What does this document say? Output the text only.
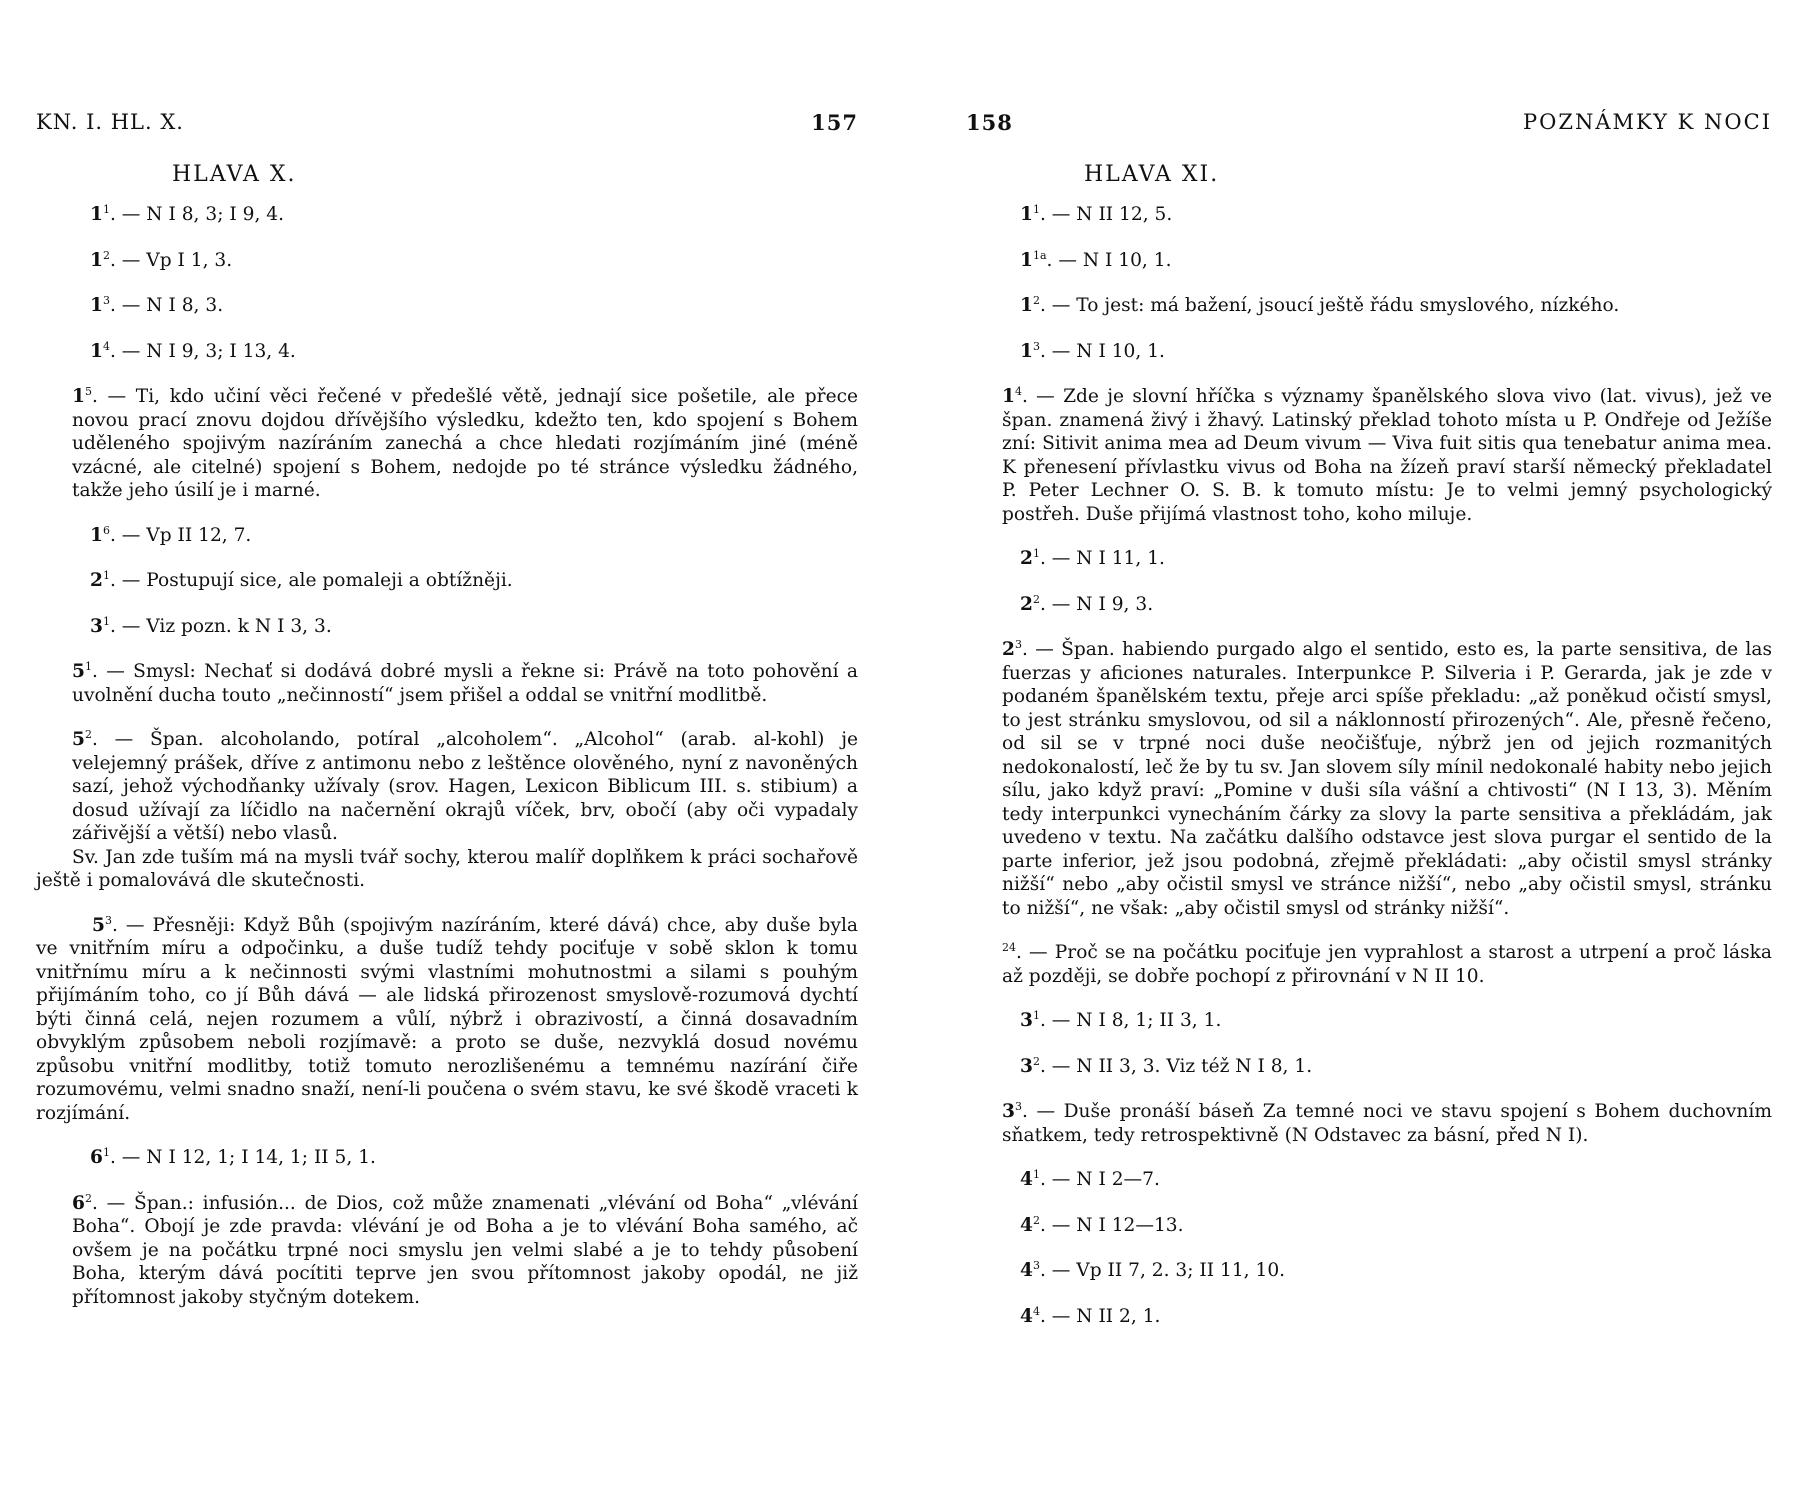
KN. I. HL. X.	157
HLAVA X.

$1^1$. — N I 8, 3; I 9, 4.

$1^2$. — Vp I 1, 3.

$1^3$. — N I 8, 3.

$1^4$. — N I 9, 3; I 13, 4.

$1^5$. — Ti, kdo učiní věci řečené v předešlé větě, jednají sice pošetile, ale přece novou prací znovu dojdou dřívějšího výsledku, kdežto ten, kdo spojení s Bohem uděleného spojivým nazíráním zanechá a chce hledati rozjímáním jiné (méně vzácné, ale citelné) spojení s Bohem, nedojde po té stránce výsledku žádného, takže jeho úsilí je i marné.

$1^6$. — Vp II 12, 7.

$2^1$. — Postupují sice, ale pomaleji a obtížněji.

$3^1$. — Viz pozn. k N I 3, 3.

$5^1$. — Smysl: Nechať si dodává dobré mysli a řekne si: Právě na toto pohovění a uvolnění ducha touto „nečinností“ jsem přišel a oddal se vnitřní modlitbě.

$5^2$. — Špan. alcoholando, potíral „alcoholem“. „Alcohol“ (arab. al-kohl) je velejemný prášek, dříve z antimonu nebo z leštěnce olověného, nyní z navoněných sazí, jehož východňanky užívaly (srov. Hagen, Lexicon Biblicum III. s. stibium) a dosud užívají za líčidlo na načernění okrajů víček, brv, obočí (aby oči vypadaly zářivější a větší) nebo vlasů.

Sv. Jan zde tuším má na mysli tvář sochy, kterou malíř doplňkem k práci sochařově ještě i pomalovává dle skutečnosti.

$5^3$. — Přesněji: Když Bůh (spojivým nazíráním, které dává) chce, aby duše byla ve vnitřním míru a odpočinku, a duše tudíž tehdy pociťuje v sobě sklon k tomu vnitřnímu míru a k nečinnosti svými vlastními mohutnostmi a silami s pouhým přijímáním toho, co jí Bůh dává — ale lidská přirozenost smyslově-rozumová dychtí býti činná celá, nejen rozumem a vůlí, nýbrž i obrazivostí, a činná dosavadním obvyklým způsobem neboli rozjímavě: a proto se duše, nezvyklá dosud novému způsobu vnitřní modlitby, totiž tomuto nerozlišenému a temnému nazírání čiře rozumovému, velmi snadno snaží, není-li poučena o svém stavu, ke své škodě vraceti k rozjímání.

$6^1$. — N I 12, 1; I 14, 1; II 5, 1.

$6^2$. — Špan.: infusión... de Dios, což může znamenati „vlévání od Boha“ „vlévání Boha“. Obojí je zde pravda: vlévání je od Boha a je to vlévání Boha samého, ač ovšem je na počátku trpné noci smyslu jen velmi slabé a je to tehdy působení Boha, kterým dává pocítiti teprve jen svou přítomnost jakoby opodál, ne již přítomnost jakoby styčným dotekem.

158	POZNÁMKY K NOCI
HLAVA XI.

$1^1$. — N II 12, 5.

$1^{1a}$. — N I 10, 1.

$1^2$. — To jest: má bažení, jsoucí ještě řádu smyslového, nízkého.

$1^3$. — N I 10, 1.

$1^4$. — Zde je slovní hříčka s významy španělského slova vivo (lat. vivus), jež ve špan. znamená živý i žhavý. Latinský překlad tohoto místa u P. Ondřeje od Ježíše zní: Sitivit anima mea ad Deum vivum — Viva fuit sitis qua tenebatur anima mea. K přenesení přívlastku vivus od Boha na žízeň praví starší německý překladatel P. Peter Lechner O. S. B. k tomuto místu: Je to velmi jemný psychologický postřeh. Duše přijímá vlastnost toho, koho miluje.

$2^1$. — N I 11, 1.

$2^2$. — N I 9, 3.

$2^3$. — Špan. habiendo purgado algo el sentido, esto es, la parte sensitiva, de las fuerzas y aficiones naturales. Interpunkce P. Silveria i P. Gerarda, jak je zde v podaném španělském textu, přeje arci spíše překladu: „až poněkud očistí smysl, to jest stránku smyslovou, od sil a náklonností přirozených“. Ale, přesně řečeno, od sil se v trpné noci duše neočišťuje, nýbrž jen od jejich rozmanitých nedokonalostí, leč že by tu sv. Jan slovem síly mínil nedokonalé habity nebo jejich sílu, jako když praví: „Pomine v duši síla vášní a chtivosti“ (N I 13, 3). Měním tedy interpunkci vynecháním čárky za slovy la parte sensitiva a překládám, jak uvedeno v textu. Na začátku dalšího odstavce jest slova purgar el sentido de la parte inferior, jež jsou podobná, zřejmě překládati: „aby očistil smysl stránky nižší“ nebo „aby očistil smysl ve stránce nižší“, nebo „aby očistil smysl, stránku to nižší“, ne však: „aby očistil smysl od stránky nižší“.

$^{24}$. — Proč se na počátku pociťuje jen vyprahlost a starost a utrpení a proč láska až později, se dobře pochopí z přirovnání v N II 10.

$3^1$. — N I 8, 1; II 3, 1.

$3^2$. — N II 3, 3. Viz též N I 8, 1.

$3^3$. — Duše pronáší báseň Za temné noci ve stavu spojení s Bohem duchovním sňatkem, tedy retrospektivně (N Odstavec za básní, před N I).

$4^1$. — N I 2—7.

$4^2$. — N I 12—13.

$4^3$. — Vp II 7, 2. 3; II 11, 10.

$4^4$. — N II 2, 1.
